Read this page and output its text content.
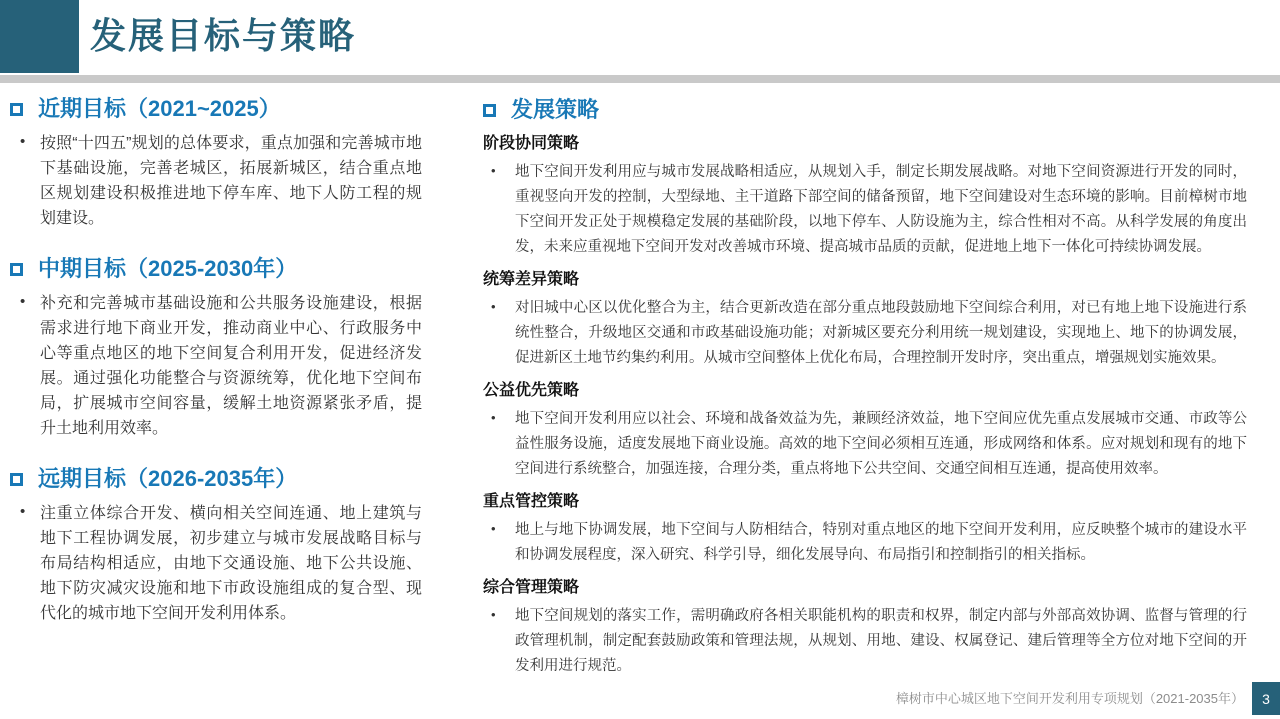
发展目标与策略
近期目标（2021~2025）

按照“十四五”规划的总体要求，重点加强和完善城市地下基础设施，完善老城区，拓展新城区，结合重点地区规划建设积极推进地下停车库、地下人防工程的规划建设。

中期目标（2025-2030年）

补充和完善城市基础设施和公共服务设施建设，根据需求进行地下商业开发，推动商业中心、行政服务中心等重点地区的地下空间复合利用开发，促进经济发展。通过强化功能整合与资源统筹，优化地下空间布局，扩展城市空间容量，缓解土地资源紧张矛盾，提升土地利用效率。

远期目标（2026-2035年）

注重立体综合开发、横向相关空间连通、地上建筑与地下工程协调发展，初步建立与城市发展战略目标与布局结构相适应，由地下交通设施、地下公共设施、地下防灾减灾设施和地下市政设施组成的复合型、现代化的城市地下空间开发利用体系。

发展策略
阶段协同策略

地下空间开发利用应与城市发展战略相适应，从规划入手，制定长期发展战略。对地下空间资源进行开发的同时，重视竖向开发的控制，大型绿地、主干道路下部空间的储备预留，地下空间建设对生态环境的影响。目前樟树市地下空间开发正处于规模稳定发展的基础阶段，以地下停车、人防设施为主，综合性相对不高。从科学发展的角度出发，未来应重视地下空间开发对改善城市环境、提高城市品质的贡献，促进地上地下一体化可持续协调发展。

统筹差异策略

对旧城中心区以优化整合为主，结合更新改造在部分重点地段鼓励地下空间综合利用，对已有地上地下设施进行系统性整合，升级地区交通和市政基础设施功能；对新城区要充分利用统一规划建设，实现地上、地下的协调发展，促进新区土地节约集约利用。从城市空间整体上优化布局，合理控制开发时序，突出重点，增强规划实施效果。

公益优先策略

地下空间开发利用应以社会、环境和战备效益为先，兼顾经济效益，地下空间应优先重点发展城市交通、市政等公益性服务设施，适度发展地下商业设施。高效的地下空间必须相互连通，形成网络和体系。应对规划和现有的地下空间进行系统整合，加强连接，合理分类，重点将地下公共空间、交通空间相互连通，提高使用效率。

重点管控策略

地上与地下协调发展，地下空间与人防相结合，特别对重点地区的地下空间开发利用，应反映整个城市的建设水平和协调发展程度，深入研究、科学引导，细化发展导向、布局指引和控制指引的相关指标。

综合管理策略

地下空间规划的落实工作，需明确政府各相关职能机构的职责和权界，制定内部与外部高效协调、监督与管理的行政管理机制，制定配套鼓励政策和管理法规，从规划、用地、建设、权属登记、建后管理等全方位对地下空间的开发利用进行规范。

樟树市中心城区地下空间开发利用专项规划（2021-2035年）	3
